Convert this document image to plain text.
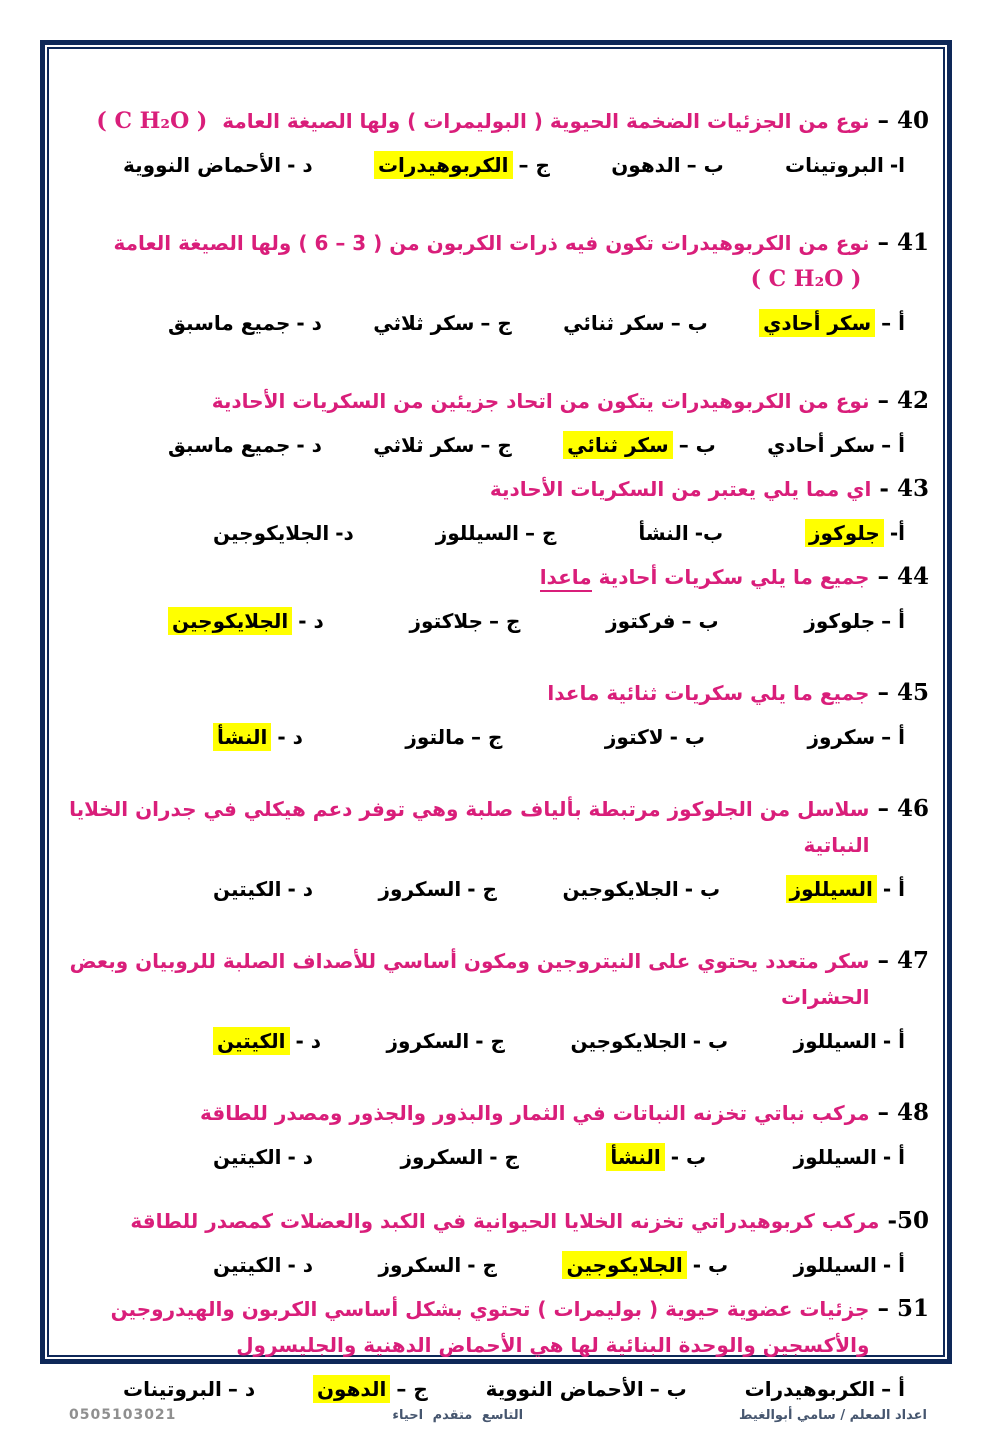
40 –
نوع من الجزئيات الضخمة الحيوية ( البوليمرات ) ولها الصيغة العامة ( C H₂O )
ا-البروتينات
ب –الدهون
ج –الكربوهيدرات
د -الأحماض النووية
41 –
نوع من الكربوهيدرات تكون فيه ذرات الكربون من ( 3 – 6 ) ولها الصيغة العامة ( C H₂O )
أ –سكر أحادي
ب –سكر ثنائي
ج –سكر ثلاثي
د -جميع ماسبق
42 –
نوع من الكربوهيدرات يتكون من اتحاد جزيئين من السكريات الأحادية
أ –سكر أحادي
ب –سكر ثنائي
ج –سكر ثلاثي
د -جميع ماسبق
43 -
اي مما يلي يعتبر من السكريات الأحادية
أ-جلوكوز
ب-النشأ
ج –السيللوز
د-الجلايكوجين
44 –
جميع ما يلي سكريات أحادية ماعدا
أ –جلوكوز
ب –فركتوز
ج –جلاكتوز
د -الجلايكوجين
45 –
جميع ما يلي سكريات ثنائية ماعدا
أ –سكروز
ب -لاكتوز
ج –مالتوز
د -النشأ
46 –
سلاسل من الجلوكوز مرتبطة بألياف صلبة وهي توفر دعم هيكلي في جدران الخلايا النباتية
أ -السيللوز
ب -الجلايكوجين
ج -السكروز
د -الكيتين
47 –
سكر متعدد يحتوي على النيتروجين ومكون أساسي للأصداف الصلبة للروبيان وبعض الحشرات
أ -السيللوز
ب -الجلايكوجين
ج -السكروز
د -الكيتين
48 –
مركب نباتي تخزنه النباتات في الثمار والبذور والجذور ومصدر للطاقة
أ -السيللوز
ب -النشأ
ج -السكروز
د -الكيتين
50-
مركب كربوهيدراتي تخزنه الخلايا الحيوانية في الكبد والعضلات كمصدر للطاقة
أ -السيللوز
ب -الجلايكوجين
ج -السكروز
د -الكيتين
51 –
جزئيات عضوية حيوية ( بوليمرات ) تحتوي بشكل أساسي الكربون والهيدروجين والأكسجين والوحدة البنائية لها هي الأحماض الدهنية والجليسرول
أ –الكربوهيدرات
ب –الأحماض النووية
ج –الدهون
د –البروتينات
اعداد المعلم / سامي أبوالغيط
التاسع متقدم احياء
0505103021
